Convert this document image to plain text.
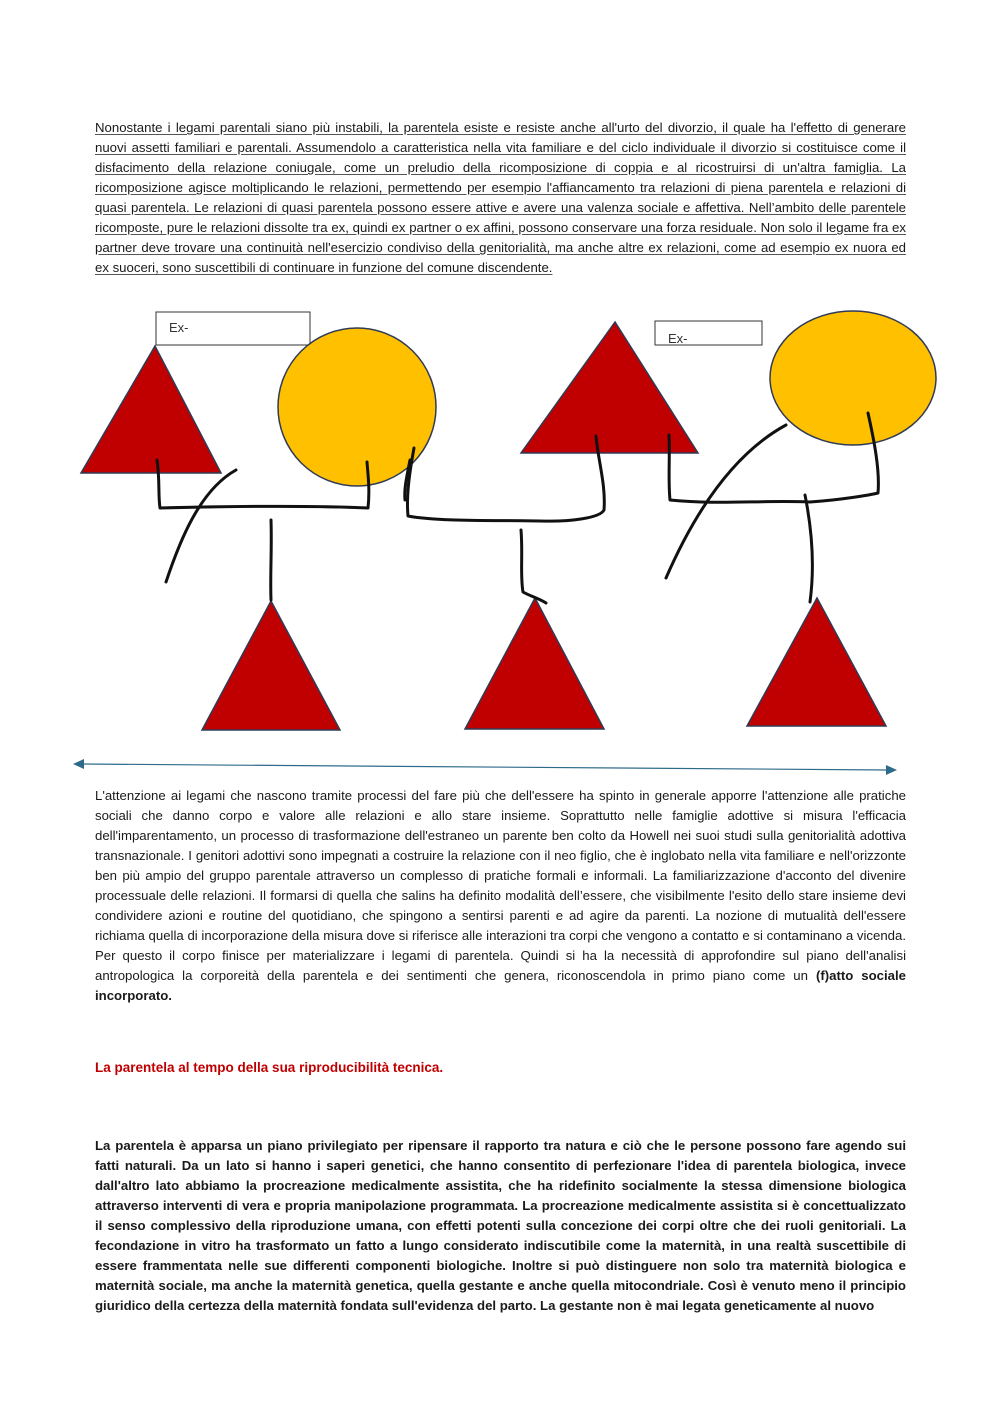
Nonostante i legami parentali siano più instabili, la parentela esiste e resiste anche all'urto del divorzio, il quale ha l'effetto di generare nuovi assetti familiari e parentali. Assumendolo a caratteristica nella vita familiare e del ciclo individuale il divorzio si costituisce come il disfacimento della relazione coniugale, come un preludio della ricomposizione di coppia e al ricostruirsi di un'altra famiglia. La ricomposizione agisce moltiplicando le relazioni, permettendo per esempio l'affiancamento tra relazioni di piena parentela e relazioni di quasi parentela. Le relazioni di quasi parentela possono essere attive e avere una valenza sociale e affettiva. Nell’ambito delle parentele ricomposte, pure le relazioni dissolte tra ex, quindi ex partner o ex affini, possono conservare una forza residuale. Non solo il legame fra ex partner deve trovare una continuità nell'esercizio condiviso della genitorialità, ma anche altre ex relazioni, come ad esempio ex nuora ed ex suoceri, sono suscettibili di continuare in funzione del comune discendente.

Ex-
Ex-

L'attenzione ai legami che nascono tramite processi del fare più che dell'essere ha spinto in generale apporre l'attenzione alle pratiche sociali che danno corpo e valore alle relazioni e allo stare insieme. Soprattutto nelle famiglie adottive si misura l'efficacia dell'imparentamento, un processo di trasformazione dell'estraneo un parente ben colto da Howell nei suoi studi sulla genitorialità adottiva transnazionale. I genitori adottivi sono impegnati a costruire la relazione con il neo figlio, che è inglobato nella vita familiare e nell'orizzonte ben più ampio del gruppo parentale attraverso un complesso di pratiche formali e informali. La familiarizzazione d'acconto del divenire processuale delle relazioni. Il formarsi di quella che salins ha definito modalità dell’essere, che visibilmente l'esito dello stare insieme devi condividere azioni e routine del quotidiano, che spingono a sentirsi parenti e ad agire da parenti. La nozione di mutualità dell'essere richiama quella di incorporazione della misura dove si riferisce alle interazioni tra corpi che vengono a contatto e si contaminano a vicenda. Per questo il corpo finisce per materializzare i legami di parentela. Quindi si ha la necessità di approfondire sul piano dell'analisi antropologica la corporeità della parentela e dei sentimenti che genera, riconoscendola in primo piano come un (f)atto sociale incorporato.

La parentela al tempo della sua riproducibilità tecnica.

La parentela è apparsa un piano privilegiato per ripensare il rapporto tra natura e ciò che le persone possono fare agendo sui fatti naturali. Da un lato si hanno i saperi genetici, che hanno consentito di perfezionare l'idea di parentela biologica, invece dall'altro lato abbiamo la procreazione medicalmente assistita, che ha ridefinito socialmente la stessa dimensione biologica attraverso interventi di vera e propria manipolazione programmata. La procreazione medicalmente assistita si è concettualizzato il senso complessivo della riproduzione umana, con effetti potenti sulla concezione dei corpi oltre che dei ruoli genitoriali. La fecondazione in vitro ha trasformato un fatto a lungo considerato indiscutibile come la maternità, in una realtà suscettibile di essere frammentata nelle sue differenti componenti biologiche. Inoltre si può distinguere non solo tra maternità biologica e maternità sociale, ma anche la maternità genetica, quella gestante e anche quella mitocondriale. Così è venuto meno il principio giuridico della certezza della maternità fondata sull'evidenza del parto. La gestante non è mai legata geneticamente al nuovo
